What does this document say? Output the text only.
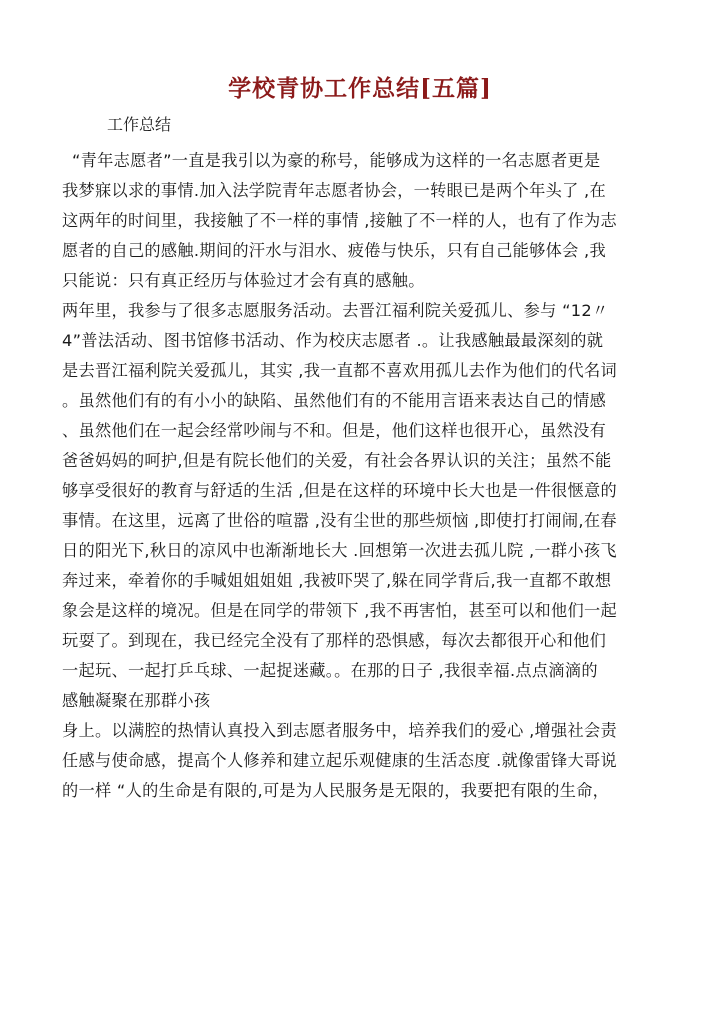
学校青协工作总结[五篇]

工作总结

“青年志愿者”一直是我引以为豪的称号，能够成为这样的一名志愿者更是
我梦寐以求的事情.加入法学院青年志愿者协会，一转眼已是两个年头了 ,在
这两年的时间里，我接触了不一样的事情 ,接触了不一样的人，也有了作为志
愿者的自己的感触.期间的汗水与泪水、疲倦与快乐，只有自己能够体会 ,我
只能说：只有真正经历与体验过才会有真的感触。
两年里，我参与了很多志愿服务活动。去晋江福利院关爱孤儿、参与 “12〃
4”普法活动、图书馆修书活动、作为校庆志愿者 .。让我感触最最深刻的就
是去晋江福利院关爱孤儿，其实 ,我一直都不喜欢用孤儿去作为他们的代名词
。虽然他们有的有小小的缺陷、虽然他们有的不能用言语来表达自己的情感
、虽然他们在一起会经常吵闹与不和。但是，他们这样也很开心，虽然没有
爸爸妈妈的呵护,但是有院长他们的关爱，有社会各界认识的关注；虽然不能
够享受很好的教育与舒适的生活 ,但是在这样的环境中长大也是一件很惬意的
事情。在这里，远离了世俗的喧嚣 ,没有尘世的那些烦恼 ,即使打打闹闹,在春
日的阳光下,秋日的凉风中也渐渐地长大 .回想第一次进去孤儿院 ,一群小孩飞
奔过来，牵着你的手喊姐姐姐姐 ,我被吓哭了,躲在同学背后,我一直都不敢想
象会是这样的境况。但是在同学的带领下 ,我不再害怕，甚至可以和他们一起
玩耍了。到现在，我已经完全没有了那样的恐惧感，每次去都很开心和他们
一起玩、一起打乒乓球、一起捉迷藏。。在那的日子 ,我很幸福.点点滴滴的
感触凝聚在那群小孩
身上。以满腔的热情认真投入到志愿者服务中，培养我们的爱心 ,增强社会责
任感与使命感，提高个人修养和建立起乐观健康的生活态度 .就像雷锋大哥说
的一样 “人的生命是有限的,可是为人民服务是无限的，我要把有限的生命，
